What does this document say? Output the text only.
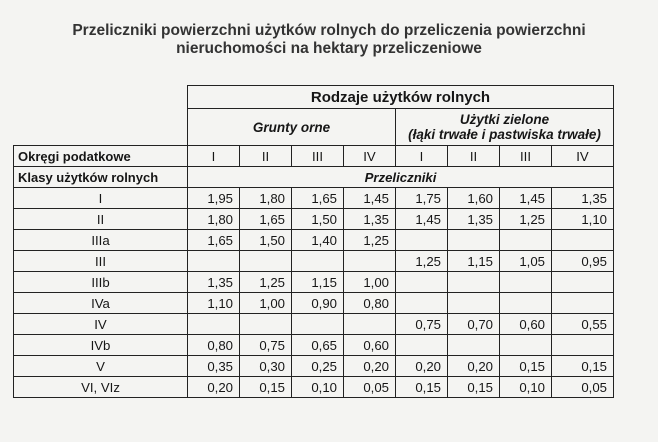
Przeliczniki powierzchni użytków rolnych do przeliczenia powierzchni
nieruchomości na hektary przeliczeniowe
	Rodzaje użytków rolnych							
	Grunty orne				Użytki zielone
(łąki trwałe i pastwiska trwałe)			

Okręgi podatkowe	I	II	III	IV	I	II	III	IV
Klasy użytków rolnych	Przeliczniki							
I	1,95	1,80	1,65	1,45	1,75	1,60	1,45	1,35
II	1,80	1,65	1,50	1,35	1,45	1,35	1,25	1,10
IIIa	1,65	1,50	1,40	1,25				
III					1,25	1,15	1,05	0,95
IIIb	1,35	1,25	1,15	1,00				
IVa	1,10	1,00	0,90	0,80				
IV					0,75	0,70	0,60	0,55
IVb	0,80	0,75	0,65	0,60				
V	0,35	0,30	0,25	0,20	0,20	0,20	0,15	0,15
VI, VIz	0,20	0,15	0,10	0,05	0,15	0,15	0,10	0,05
